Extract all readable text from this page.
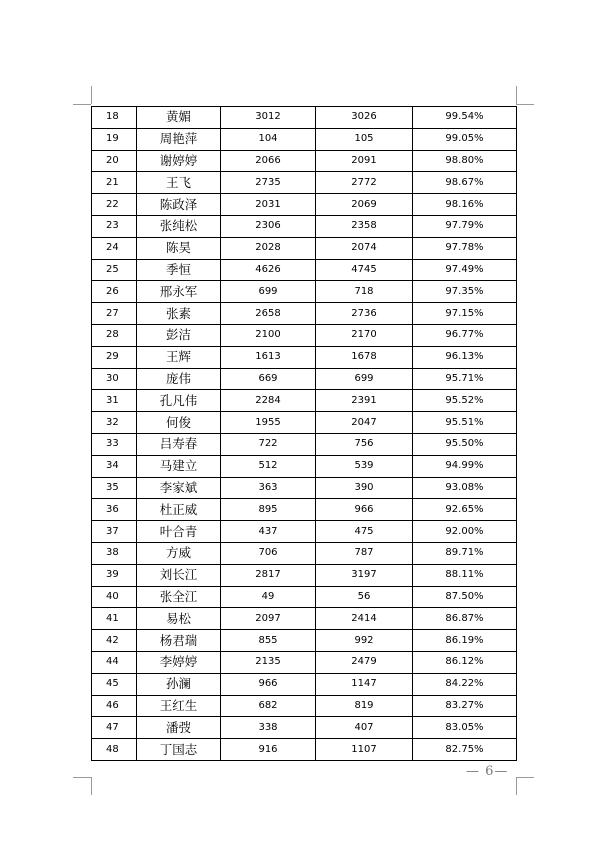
18	黄媚	3012	3026	99.54%
19	周艳萍	104	105	99.05%
20	谢婷婷	2066	2091	98.80%
21	王飞	2735	2772	98.67%
22	陈政泽	2031	2069	98.16%
23	张纯松	2306	2358	97.79%
24	陈昊	2028	2074	97.78%
25	季恒	4626	4745	97.49%
26	邢永军	699	718	97.35%
27	张素	2658	2736	97.15%
28	彭洁	2100	2170	96.77%
29	王辉	1613	1678	96.13%
30	庞伟	669	699	95.71%
31	孔凡伟	2284	2391	95.52%
32	何俊	1955	2047	95.51%
33	吕寿春	722	756	95.50%
34	马建立	512	539	94.99%
35	李家斌	363	390	93.08%
36	杜正威	895	966	92.65%
37	叶合青	437	475	92.00%
38	方威	706	787	89.71%
39	刘长江	2817	3197	88.11%
40	张全江	49	56	87.50%
41	易松	2097	2414	86.87%
42	杨君瑞	855	992	86.19%
44	李婷婷	2135	2479	86.12%
45	孙澜	966	1147	84.22%
46	王红生	682	819	83.27%
47	潘弢	338	407	83.05%
48	丁国志	916	1107	82.75%
— 6—
